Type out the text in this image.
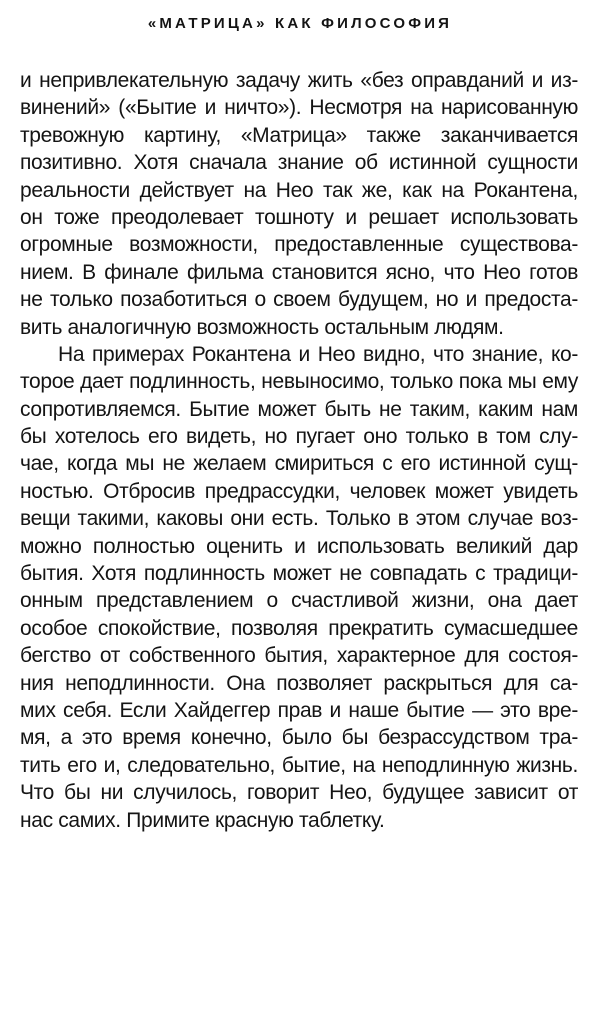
«МАТРИЦА» КАК ФИЛОСОФИЯ
и непривлекательную задачу жить «без оправданий и из-
винений» («Бытие и ничто»). Несмотря на нарисованную
тревожную картину, «Матрица» также заканчивается
позитивно. Хотя сначала знание об истинной сущности
реальности действует на Нео так же, как на Рокантена,
он тоже преодолевает тошноту и решает использовать
огромные возможности, предоставленные существова-
нием. В финале фильма становится ясно, что Нео готов
не только позаботиться о своем будущем, но и предоста-
вить аналогичную возможность остальным людям.
На примерах Рокантена и Нео видно, что знание, ко-
торое дает подлинность, невыносимо, только пока мы ему
сопротивляемся. Бытие может быть не таким, каким нам
бы хотелось его видеть, но пугает оно только в том слу-
чае, когда мы не желаем смириться с его истинной сущ-
ностью. Отбросив предрассудки, человек может увидеть
вещи такими, каковы они есть. Только в этом случае воз-
можно полностью оценить и использовать великий дар
бытия. Хотя подлинность может не совпадать с традици-
онным представлением о счастливой жизни, она дает
особое спокойствие, позволяя прекратить сумасшедшее
бегство от собственного бытия, характерное для состоя-
ния неподлинности. Она позволяет раскрыться для са-
мих себя. Если Хайдеггер прав и наше бытие — это вре-
мя, а это время конечно, было бы безрассудством тра-
тить его и, следовательно, бытие, на неподлинную жизнь.
Что бы ни случилось, говорит Нео, будущее зависит от
нас самих. Примите красную таблетку.
